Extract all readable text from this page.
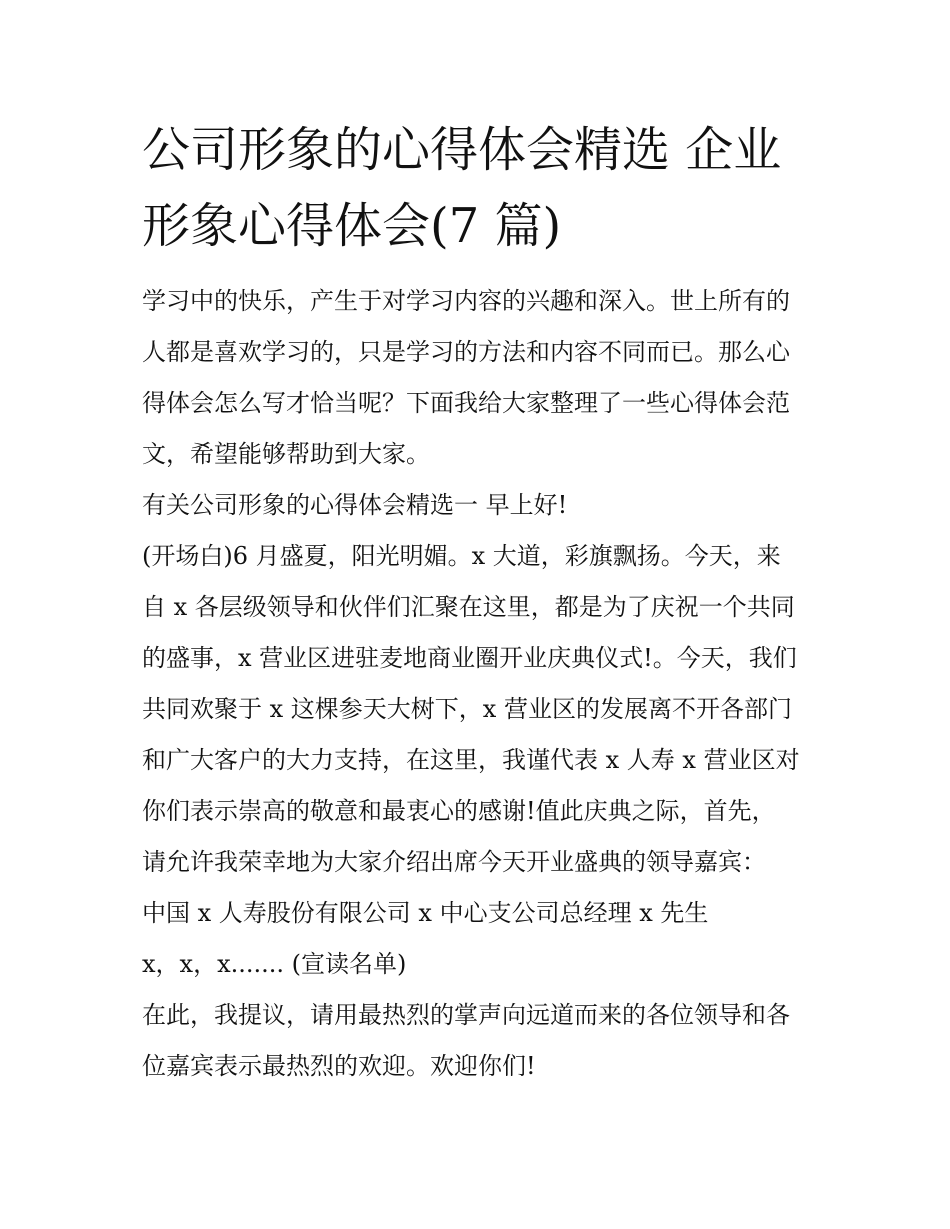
公司形象的心得体会精选 企业
形象心得体会(7 篇)
学习中的快乐，产生于对学习内容的兴趣和深入。世上所有的
人都是喜欢学习的，只是学习的方法和内容不同而已。那么心
得体会怎么写才恰当呢？下面我给大家整理了一些心得体会范
文，希望能够帮助到大家。
有关公司形象的心得体会精选一 早上好!
(开场白)6 月盛夏，阳光明媚。x 大道，彩旗飘扬。今天，来
自 x 各层级领导和伙伴们汇聚在这里，都是为了庆祝一个共同
的盛事，x 营业区进驻麦地商业圈开业庆典仪式!。今天，我们
共同欢聚于 x 这棵参天大树下，x 营业区的发展离不开各部门
和广大客户的大力支持，在这里，我谨代表 x 人寿 x 营业区对
你们表示崇高的敬意和最衷心的感谢!值此庆典之际，首先，
请允许我荣幸地为大家介绍出席今天开业盛典的领导嘉宾：
中国 x 人寿股份有限公司 x 中心支公司总经理 x 先生
x，x，x....... (宣读名单)
在此，我提议，请用最热烈的掌声向远道而来的各位领导和各
位嘉宾表示最热烈的欢迎。欢迎你们!
